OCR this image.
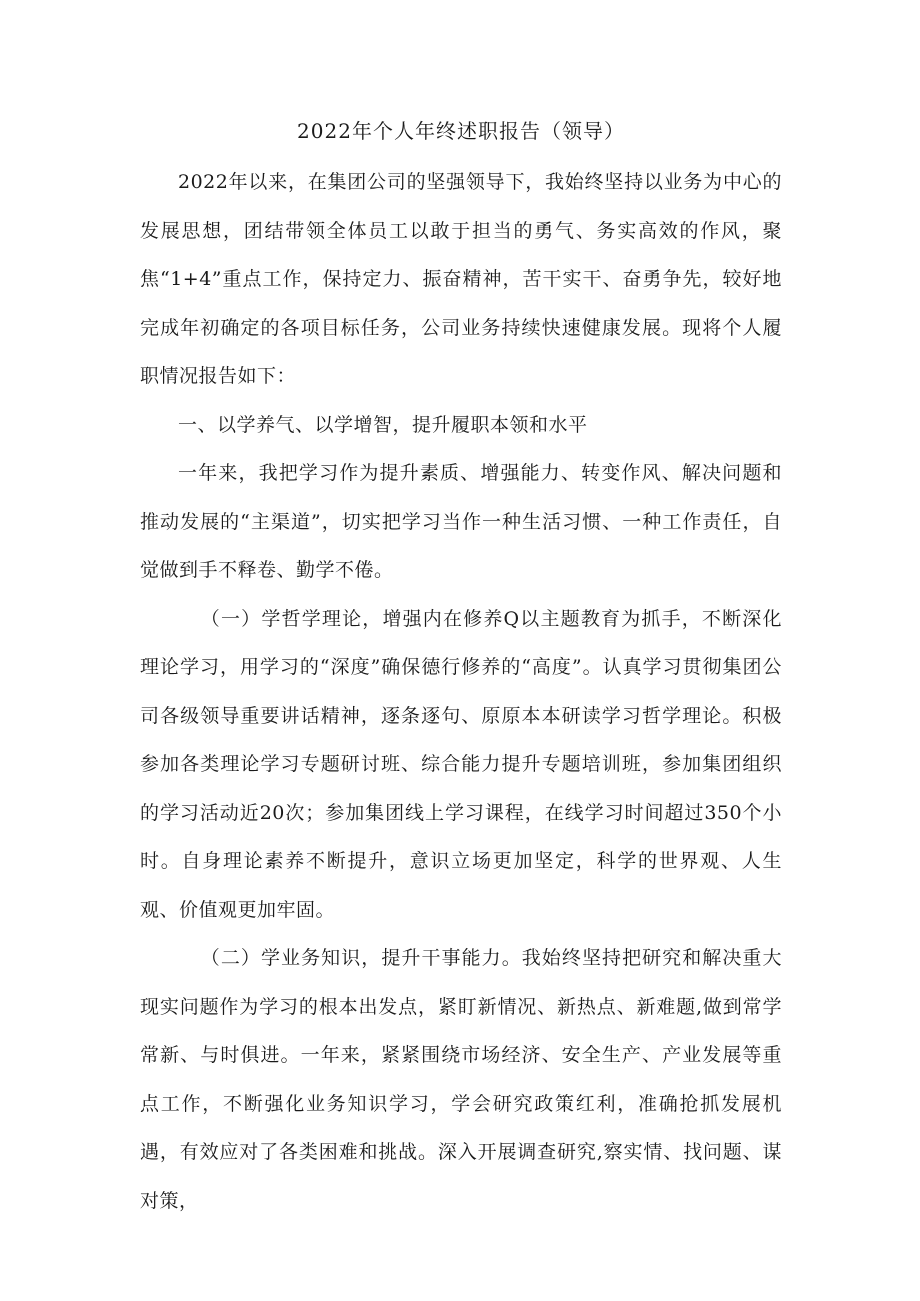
2022年个人年终述职报告（领导）

2022年以来，在集团公司的坚强领导下，我始终坚持以业务为中心的发展思想，团结带领全体员工以敢于担当的勇气、务实高效的作风，聚焦“1+4”重点工作，保持定力、振奋精神，苦干实干、奋勇争先，较好地完成年初确定的各项目标任务，公司业务持续快速健康发展。现将个人履职情况报告如下：

一、以学养气、以学增智，提升履职本领和水平

一年来，我把学习作为提升素质、增强能力、转变作风、解决问题和推动发展的“主渠道”，切实把学习当作一种生活习惯、一种工作责任，自觉做到手不释卷、勤学不倦。

（一）学哲学理论，增强内在修养Q以主题教育为抓手，不断深化理论学习，用学习的“深度”确保德行修养的“高度”。认真学习贯彻集团公司各级领导重要讲话精神，逐条逐句、原原本本研读学习哲学理论。积极参加各类理论学习专题研讨班、综合能力提升专题培训班，参加集团组织的学习活动近20次；参加集团线上学习课程，在线学习时间超过350个小时。自身理论素养不断提升，意识立场更加坚定，科学的世界观、人生观、价值观更加牢固。

（二）学业务知识，提升干事能力。我始终坚持把研究和解决重大现实问题作为学习的根本出发点，紧盯新情况、新热点、新难题,做到常学常新、与时俱进。一年来，紧紧围绕市场经济、安全生产、产业发展等重点工作，不断强化业务知识学习，学会研究政策红利，准确抢抓发展机遇，有效应对了各类困难和挑战。深入开展调查研究,察实情、找问题、谋对策，
